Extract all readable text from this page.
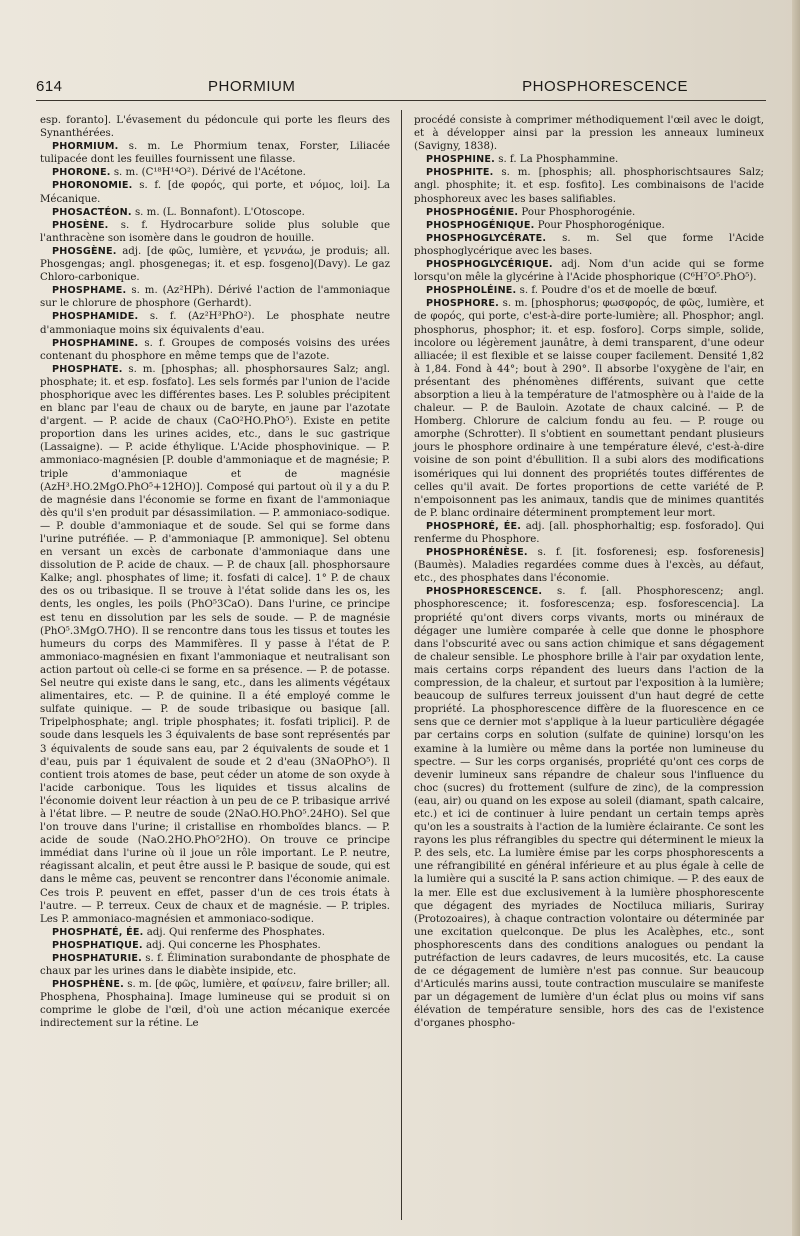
614	PHORMIUM	PHOSPHORESCENCE

esp. foranto]. L'évasement du pédoncule qui porte les fleurs des Synanthérées.

PHORMIUM. s. m. Le Phormium tenax, Forster, Liliacée tulipacée dont les feuilles fournissent une filasse.

PHORONE. s. m. (C¹⁸H¹⁴O²). Dérivé de l'Acétone.

PHORONOMIE. s. f. [de φορός, qui porte, et νόμος, loi]. La Mécanique.

PHOSACTÉON. s. m. (L. Bonnafont). L'Otoscope.

PHOSÈNE. s. f. Hydrocarbure solide plus soluble que l'anthracène son isomère dans le goudron de houille.

PHOSGÈNE. adj. [de φῶς, lumière, et γεννάω, je produis; all. Phosgengas; angl. phosgenegas; it. et esp. fosgeno](Davy). Le gaz Chloro-carbonique.

PHOSPHAME. s. m. (Az²HPh). Dérivé l'action de l'ammoniaque sur le chlorure de phosphore (Gerhardt).

PHOSPHAMIDE. s. f. (Az²H³PhO²). Le phosphate neutre d'ammoniaque moins six équivalents d'eau.

PHOSPHAMINE. s. f. Groupes de composés voisins des urées contenant du phosphore en même temps que de l'azote.

PHOSPHATE. s. m. [phosphas; all. phosphorsaures Salz; angl. phosphate; it. et esp. fosfato]. Les sels formés par l'union de l'acide phosphorique avec les différentes bases. Les P. solubles précipitent en blanc par l'eau de chaux ou de baryte, en jaune par l'azotate d'argent. — P. acide de chaux (CaO²HO.PhO⁵). Existe en petite proportion dans les urines acides, etc., dans le suc gastrique (Lassaigne). — P. acide éthylique. L'Acide phosphovinique. — P. ammoniaco-magnésien [P. double d'ammoniaque et de magnésie; P. triple d'ammoniaque et de magnésie (AzH³.HO.2MgO.PhO⁵+12HO)]. Composé qui partout où il y a du P. de magnésie dans l'économie se forme en fixant de l'ammoniaque dès qu'il s'en produit par désassimilation. — P. ammoniaco-sodique. — P. double d'ammoniaque et de soude. Sel qui se forme dans l'urine putréfiée. — P. d'ammoniaque [P. ammonique]. Sel obtenu en versant un excès de carbonate d'ammoniaque dans une dissolution de P. acide de chaux. — P. de chaux [all. phosphorsaure Kalke; angl. phosphates of lime; it. fosfati di calce]. 1° P. de chaux des os ou tribasique. Il se trouve à l'état solide dans les os, les dents, les ongles, les poils (PhO⁵3CaO). Dans l'urine, ce principe est tenu en dissolution par les sels de soude. — P. de magnésie (PhO⁵.3MgO.7HO). Il se rencontre dans tous les tissus et toutes les humeurs du corps des Mammifères. Il y passe à l'état de P. ammoniaco-magnésien en fixant l'ammoniaque et neutralisant son action partout où celle-ci se forme en sa présence. — P. de potasse. Sel neutre qui existe dans le sang, etc., dans les aliments végétaux alimentaires, etc. — P. de quinine. Il a été employé comme le sulfate quinique. — P. de soude tribasique ou basique [all. Tripelphosphate; angl. triple phosphates; it. fosfati triplici]. P. de soude dans lesquels les 3 équivalents de base sont représentés par 3 équivalents de soude sans eau, par 2 équivalents de soude et 1 d'eau, puis par 1 équivalent de soude et 2 d'eau (3NaOPhO⁵). Il contient trois atomes de base, peut céder un atome de son oxyde à l'acide carbonique. Tous les liquides et tissus alcalins de l'économie doivent leur réaction à un peu de ce P. tribasique arrivé à l'état libre. — P. neutre de soude (2NaO.HO.PhO⁵.24HO). Sel que l'on trouve dans l'urine; il cristallise en rhomboïdes blancs. — P. acide de soude (NaO.2HO.PhO⁵2HO). On trouve ce principe immédiat dans l'urine où il joue un rôle important. Le P. neutre, réagissant alcalin, et peut être aussi le P. basique de soude, qui est dans le même cas, peuvent se rencontrer dans l'économie animale. Ces trois P. peuvent en effet, passer d'un de ces trois états à l'autre. — P. terreux. Ceux de chaux et de magnésie. — P. triples. Les P. ammoniaco-magnésien et ammoniaco-sodique.

PHOSPHATÉ, ÉE. adj. Qui renferme des Phosphates.

PHOSPHATIQUE. adj. Qui concerne les Phosphates.

PHOSPHATURIE. s. f. Élimination surabondante de phosphate de chaux par les urines dans le diabète insipide, etc.

PHOSPHÈNE. s. m. [de φῶς, lumière, et φαίνειν, faire briller; all. Phosphena, Phosphaina]. Image lumineuse qui se produit si on comprime le globe de l'œil, d'où une action mécanique exercée indirectement sur la rétine. Le

procédé consiste à comprimer méthodiquement l'œil avec le doigt, et à développer ainsi par la pression les anneaux lumineux (Savigny, 1838).

PHOSPHINE. s. f. La Phosphammine.

PHOSPHITE. s. m. [phosphis; all. phosphorischtsaures Salz; angl. phosphite; it. et esp. fosfito]. Les combinaisons de l'acide phosphoreux avec les bases salifiables.

PHOSPHOGÉNIE. Pour Phosphorogénie.

PHOSPHOGÉNIQUE. Pour Phosphorogénique.

PHOSPHOGLYCÉRATE. s. m. Sel que forme l'Acide phosphoglycérique avec les bases.

PHOSPHOGLYCÉRIQUE. adj. Nom d'un acide qui se forme lorsqu'on mêle la glycérine à l'Acide phosphorique (C⁶H⁷O⁵.PhO⁵).

PHOSPHOLÉINE. s. f. Poudre d'os et de moelle de bœuf.

PHOSPHORE. s. m. [phosphorus; φωσφορός, de φῶς, lumière, et de φορός, qui porte, c'est-à-dire porte-lumière; all. Phosphor; angl. phosphorus, phosphor; it. et esp. fosforo]. Corps simple, solide, incolore ou légèrement jaunâtre, à demi transparent, d'une odeur alliacée; il est flexible et se laisse couper facilement. Densité 1,82 à 1,84. Fond à 44°; bout à 290°. Il absorbe l'oxygène de l'air, en présentant des phénomènes différents, suivant que cette absorption a lieu à la température de l'atmosphère ou à l'aide de la chaleur. — P. de Bauloin. Azotate de chaux calciné. — P. de Homberg. Chlorure de calcium fondu au feu. — P. rouge ou amorphe (Schrotter). Il s'obtient en soumettant pendant plusieurs jours le phosphore ordinaire à une température élevé, c'est-à-dire voisine de son point d'ébullition. Il a subi alors des modifications isomériques qui lui donnent des propriétés toutes différentes de celles qu'il avait. De fortes proportions de cette variété de P. n'empoisonnent pas les animaux, tandis que de minimes quantités de P. blanc ordinaire déterminent promptement leur mort.

PHOSPHORÉ, ÉE. adj. [all. phosphorhaltig; esp. fosforado]. Qui renferme du Phosphore.

PHOSPHORÉNÈSE. s. f. [it. fosforenesi; esp. fosforenesis] (Baumès). Maladies regardées comme dues à l'excès, au défaut, etc., des phosphates dans l'économie.

PHOSPHORESCENCE. s. f. [all. Phosphorescenz; angl. phosphorescence; it. fosforescenza; esp. fosforescencia]. La propriété qu'ont divers corps vivants, morts ou minéraux de dégager une lumière comparée à celle que donne le phosphore dans l'obscurité avec ou sans action chimique et sans dégagement de chaleur sensible. Le phosphore brille à l'air par oxydation lente, mais certains corps répandent des lueurs dans l'action de la compression, de la chaleur, et surtout par l'exposition à la lumière; beaucoup de sulfures terreux jouissent d'un haut degré de cette propriété. La phosphorescence diffère de la fluorescence en ce sens que ce dernier mot s'applique à la lueur particulière dégagée par certains corps en solution (sulfate de quinine) lorsqu'on les examine à la lumière ou même dans la portée non lumineuse du spectre. — Sur les corps organisés, propriété qu'ont ces corps de devenir lumineux sans répandre de chaleur sous l'influence du choc (sucres) du frottement (sulfure de zinc), de la compression (eau, air) ou quand on les expose au soleil (diamant, spath calcaire, etc.) et ici de continuer à luire pendant un certain temps après qu'on les a soustraits à l'action de la lumière éclairante. Ce sont les rayons les plus réfrangibles du spectre qui déterminent le mieux la P. des sels, etc. La lumière émise par les corps phosphorescents a une réfrangibilité en général inférieure et au plus égale à celle de la lumière qui a suscité la P. sans action chimique. — P. des eaux de la mer. Elle est due exclusivement à la lumière phosphorescente que dégagent des myriades de Noctiluca miliaris, Suriray (Protozoaires), à chaque contraction volontaire ou déterminée par une excitation quelconque. De plus les Acalèphes, etc., sont phosphorescents dans des conditions analogues ou pendant la putréfaction de leurs cadavres, de leurs mucosités, etc. La cause de ce dégagement de lumière n'est pas connue. Sur beaucoup d'Articulés marins aussi, toute contraction musculaire se manifeste par un dégagement de lumière d'un éclat plus ou moins vif sans élévation de température sensible, hors des cas de l'existence d'organes phospho-
